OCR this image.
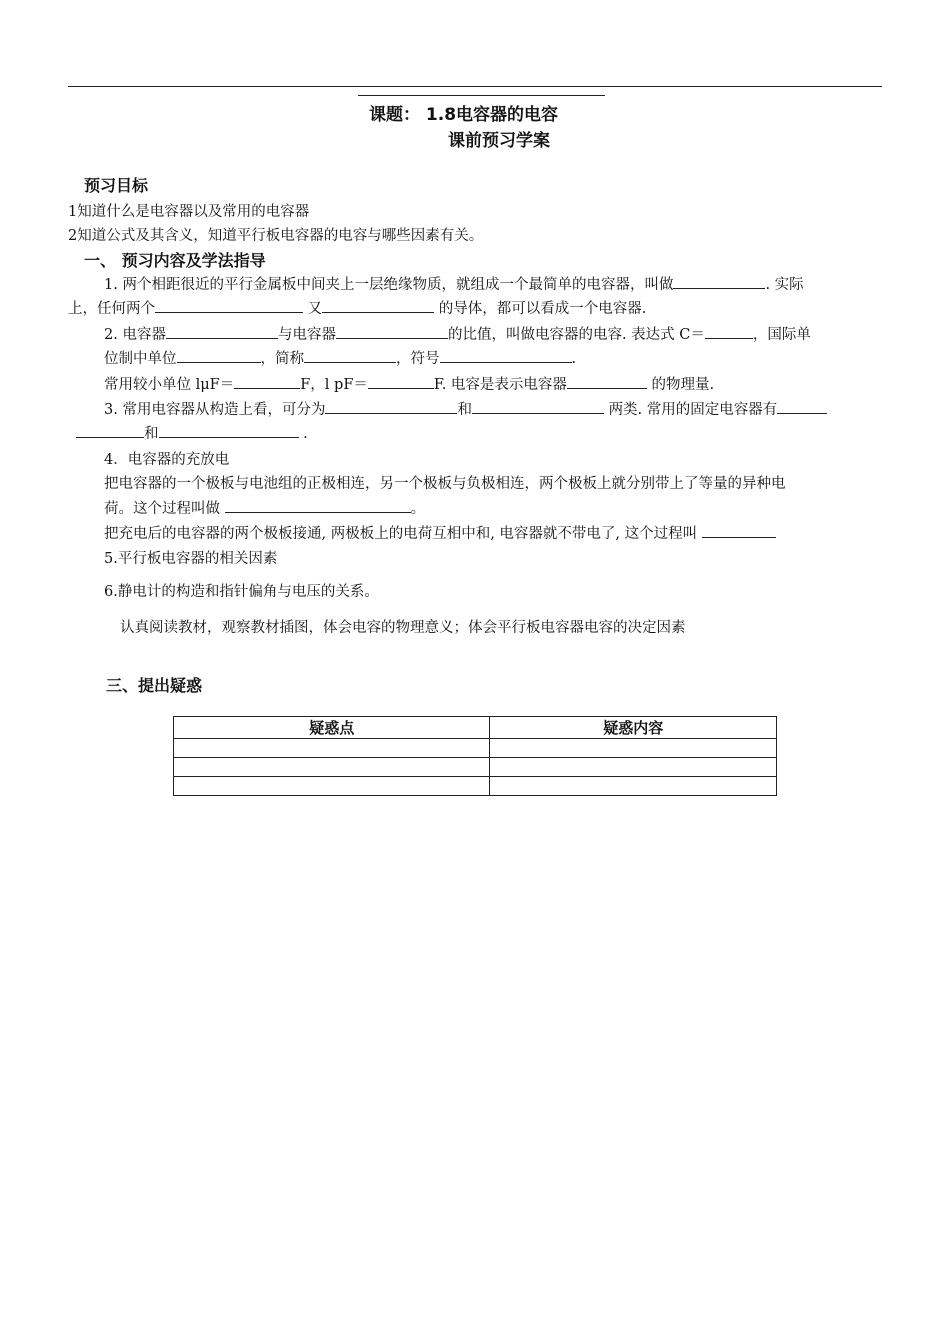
课题： 1.8电容器的电容
课前预习学案
预习目标
1知道什么是电容器以及常用的电容器
2知道公式及其含义，知道平行板电容器的电容与哪些因素有关。
一、 预习内容及学法指导
1. 两个相距很近的平行金属板中间夹上一层绝缘物质，就组成一个最简单的电容器，叫做	. 实际
上，任何两个	又	的导体，都可以看成一个电容器.
2. 电容器	与电容器	的比值，叫做电容器的电容. 表达式 C＝	，国际单
位制中单位	，简称	，符号	.
常用较小单位 lμF＝	F，l pF＝	F. 电容是表示电容器	的物理量.
3. 常用电容器从构造上看，可分为	和	两类. 常用的固定电容器有
和	.
4．电容器的充放电
把电容器的一个极板与电池组的正极相连，另一个极板与负极相连，两个极板上就分别带上了等量的异种电
荷。这个过程叫做	。
把充电后的电容器的两个极板接通, 两极板上的电荷互相中和, 电容器就不带电了, 这个过程叫
5.平行板电容器的相关因素
6.静电计的构造和指针偏角与电压的关系。
认真阅读教材，观察教材插图，体会电容的物理意义；体会平行板电容器电容的决定因素
三、提出疑惑
疑惑点	疑惑内容
